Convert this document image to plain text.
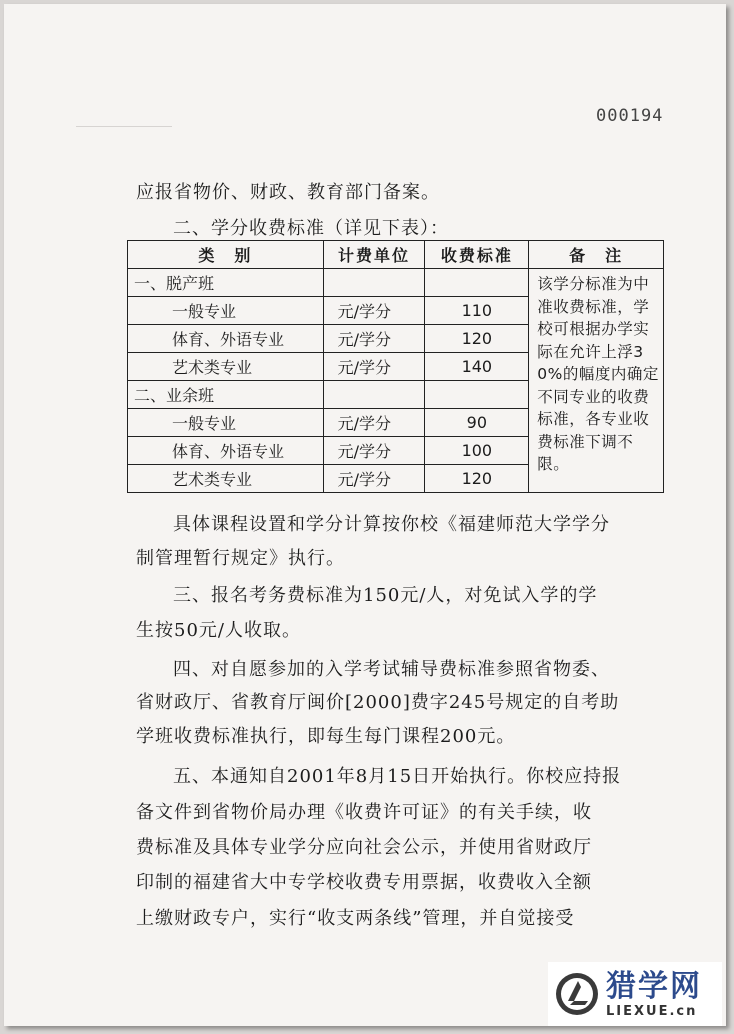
000194
应报省物价、财政、教育部门备案。
二、学分收费标准（详见下表）：
类　别	计费单位	收费标准	备　注
一、脱产班			该学分标准为中准收费标准，学校可根据办学实际在允许上浮30%的幅度内确定不同专业的收费标准，各专业收费标准下调不限。
一般专业	元/学分	110	
体育、外语专业	元/学分	120	
艺术类专业	元/学分	140	
二、业余班			
一般专业	元/学分	90	
体育、外语专业	元/学分	100	
艺术类专业	元/学分	120	
具体课程设置和学分计算按你校《福建师范大学学分
制管理暂行规定》执行。
三、报名考务费标准为150元/人，对免试入学的学
生按50元/人收取。
四、对自愿参加的入学考试辅导费标准参照省物委、
省财政厅、省教育厅闽价[2000]费字245号规定的自考助
学班收费标准执行，即每生每门课程200元。
五、本通知自2001年8月15日开始执行。你校应持报
备文件到省物价局办理《收费许可证》的有关手续，收
费标准及具体专业学分应向社会公示，并使用省财政厅
印制的福建省大中专学校收费专用票据，收费收入全额
上缴财政专户，实行“收支两条线”管理，并自觉接受
猎学网
LIEXUE.cn
